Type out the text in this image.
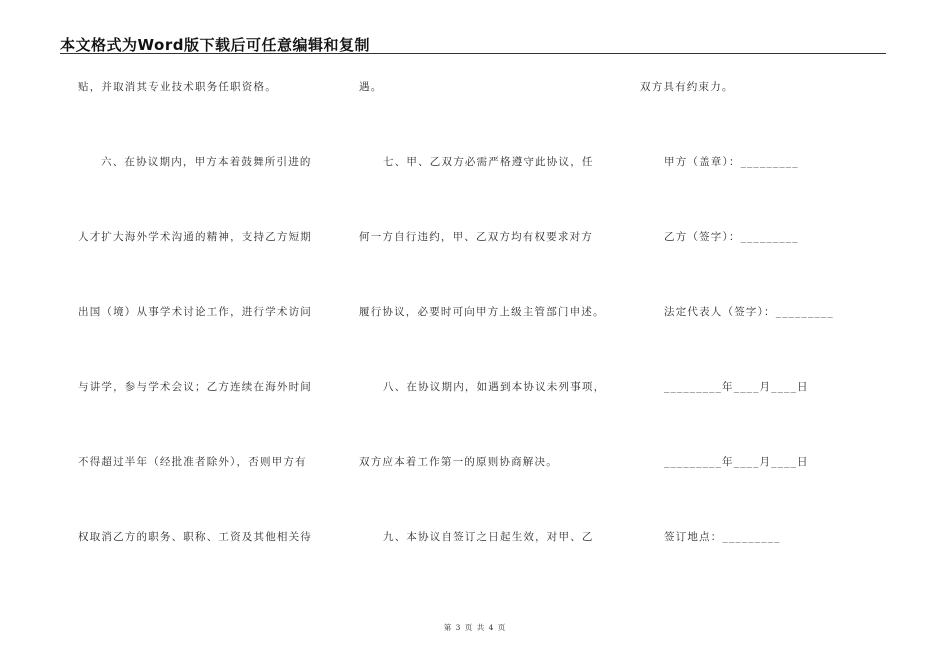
本文格式为Word版下载后可任意编辑和复制
贴，并取消其专业技术职务任职资格。
六、在协议期内，甲方本着鼓舞所引进的
人才扩大海外学术沟通的精神，支持乙方短期
出国（境）从事学术讨论工作，进行学术访问
与讲学，参与学术会议；乙方连续在海外时间
不得超过半年（经批准者除外），否则甲方有
权取消乙方的职务、职称、工资及其他相关待
遇。
七、甲、乙双方必需严格遵守此协议，任
何一方自行违约，甲、乙双方均有权要求对方
履行协议，必要时可向甲方上级主管部门申述。
八、在协议期内，如遇到本协议未列事项，
双方应本着工作第一的原则协商解决。
九、本协议自签订之日起生效，对甲、乙
双方具有约束力。
甲方（盖章）：_________
乙方（签字）：_________
法定代表人（签字）：_________
_________年____月____日
_________年____月____日
签订地点：_________
第 3 页 共 4 页
